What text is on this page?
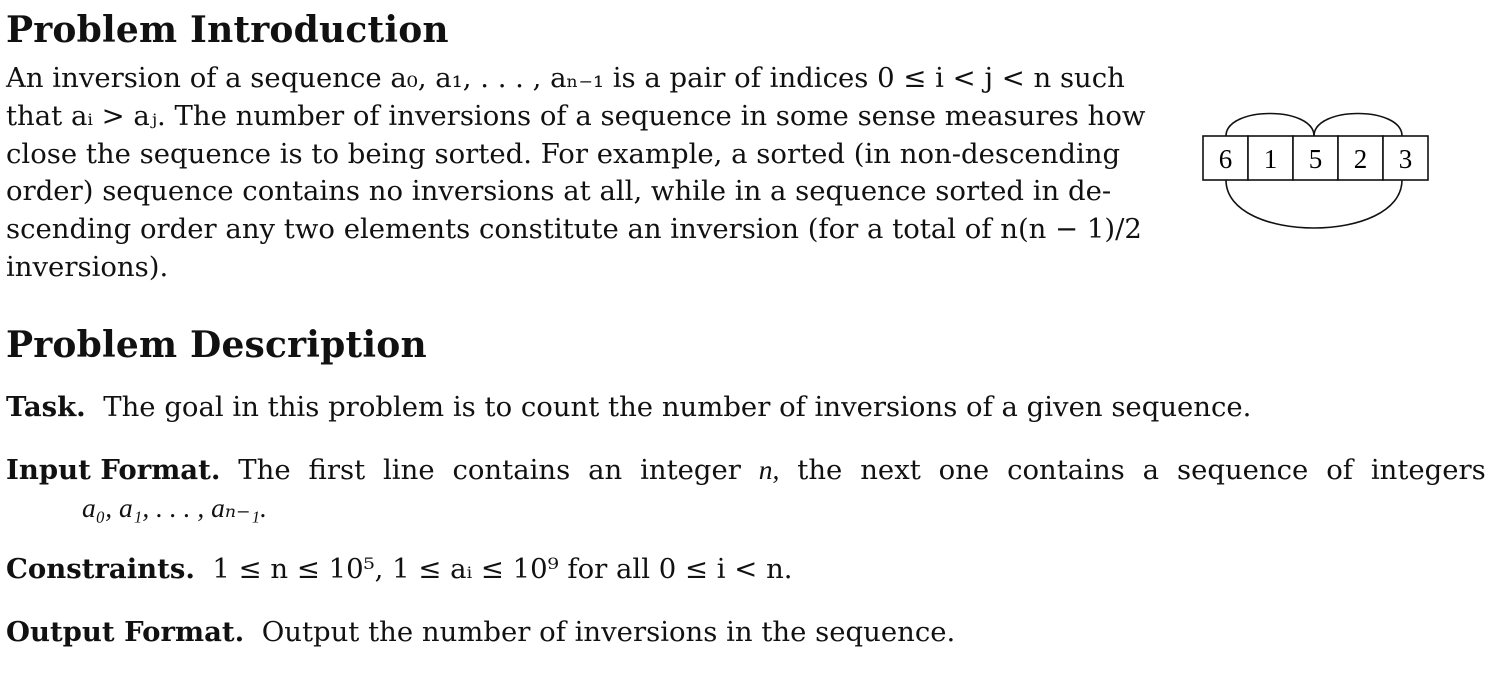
Problem Introduction
An inversion of a sequence a₀, a₁, . . . , aₙ₋₁ is a pair of indices 0 ≤ i < j < n such
that aᵢ > aⱼ. The number of inversions of a sequence in some sense measures how
close the sequence is to being sorted. For example, a sorted (in non-descending
order) sequence contains no inversions at all, while in a sequence sorted in de-
scending order any two elements constitute an inversion (for a total of n(n − 1)/2
inversions).
Problem Description
Task. The goal in this problem is to count the number of inversions of a given sequence.
Input Format. The first line contains an integer n, the next one contains a sequence of integers
a₀, a₁, . . . , aₙ₋₁.
Constraints. 1 ≤ n ≤ 10⁵, 1 ≤ aᵢ ≤ 10⁹ for all 0 ≤ i < n.
Output Format. Output the number of inversions in the sequence.
6 1 5 2 3
